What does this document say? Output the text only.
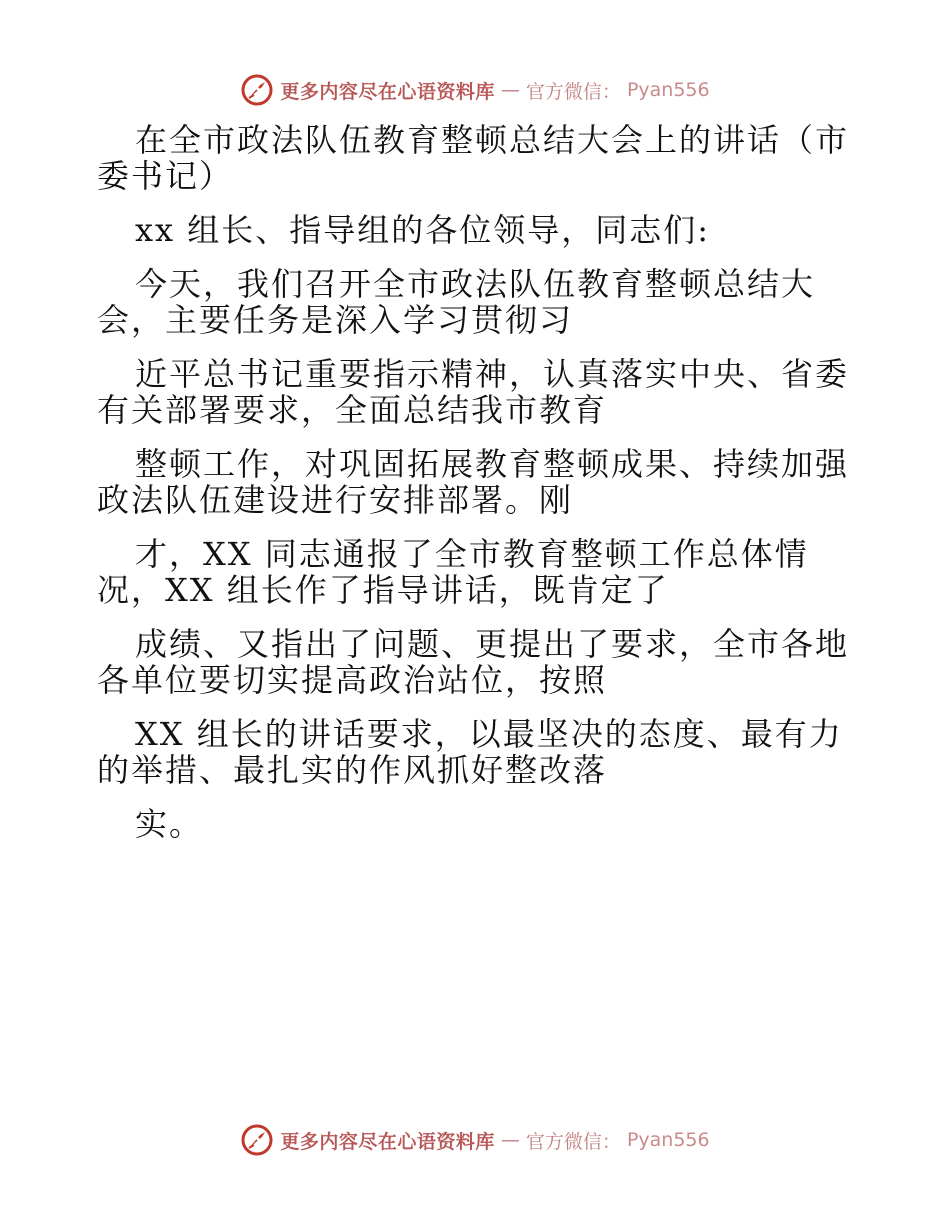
更多内容尽在心语资料库 — 官方微信： Pyan556
在全市政法队伍教育整顿总结大会上的讲话（市
委书记）
xx 组长、指导组的各位领导，同志们:
今天，我们召开全市政法队伍教育整顿总结大
会，主要任务是深入学习贯彻习
近平总书记重要指示精神，认真落实中央、省委
有关部署要求，全面总结我市教育
整顿工作，对巩固拓展教育整顿成果、持续加强
政法队伍建设进行安排部署。刚
才，XX 同志通报了全市教育整顿工作总体情
况，XX 组长作了指导讲话，既肯定了
成绩、又指出了问题、更提出了要求，全市各地
各单位要切实提高政治站位，按照
XX 组长的讲话要求，以最坚决的态度、最有力
的举措、最扎实的作风抓好整改落
实。
更多内容尽在心语资料库 — 官方微信： Pyan556
